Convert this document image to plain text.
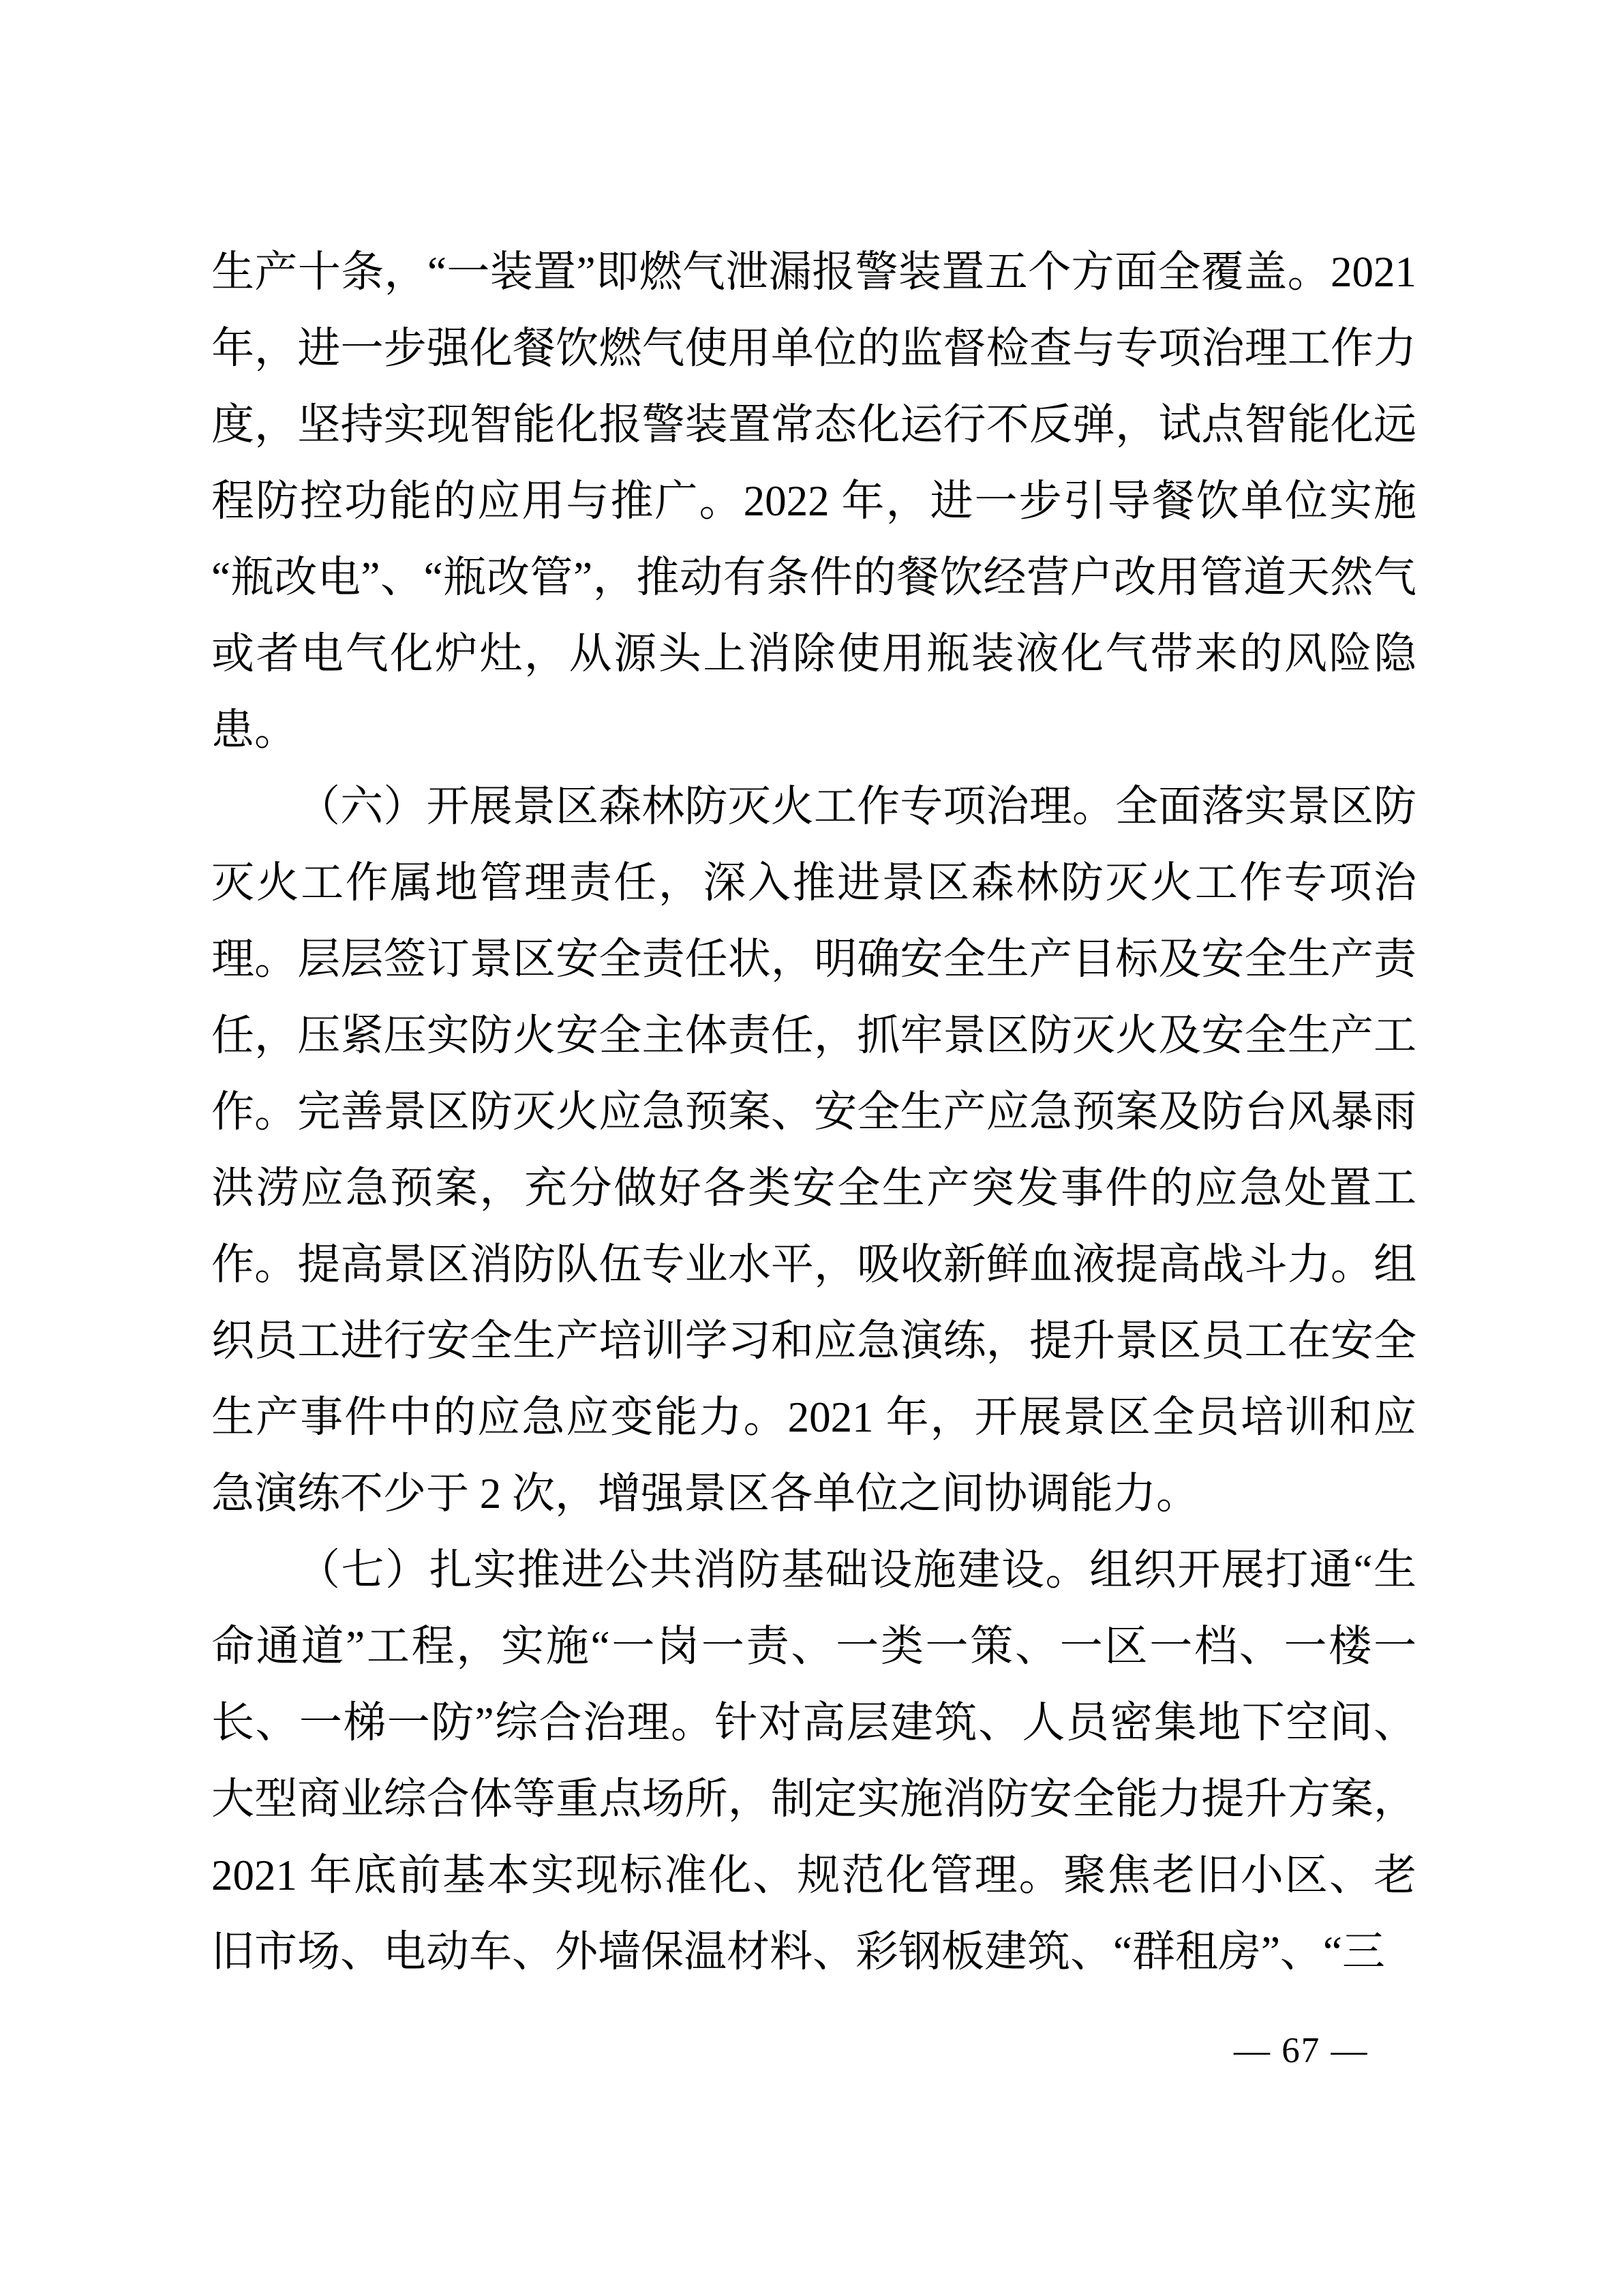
生产十条，“一装置”即燃气泄漏报警装置五个方面全覆盖。2021 年，进一步强化餐饮燃气使用单位的监督检查与专项治理工作力度，坚持实现智能化报警装置常态化运行不反弹，试点智能化远程防控功能的应用与推广。2022 年，进一步引导餐饮单位实施“瓶改电”、“瓶改管”，推动有条件的餐饮经营户改用管道天然气或者电气化炉灶，从源头上消除使用瓶装液化气带来的风险隐患。

（六）开展景区森林防灭火工作专项治理。全面落实景区防灭火工作属地管理责任，深入推进景区森林防灭火工作专项治理。层层签订景区安全责任状，明确安全生产目标及安全生产责任，压紧压实防火安全主体责任，抓牢景区防灭火及安全生产工作。完善景区防灭火应急预案、安全生产应急预案及防台风暴雨洪涝应急预案，充分做好各类安全生产突发事件的应急处置工作。提高景区消防队伍专业水平，吸收新鲜血液提高战斗力。组织员工进行安全生产培训学习和应急演练，提升景区员工在安全生产事件中的应急应变能力。2021 年，开展景区全员培训和应急演练不少于 2 次，增强景区各单位之间协调能力。

（七）扎实推进公共消防基础设施建设。组织开展打通“生命通道”工程，实施“一岗一责、一类一策、一区一档、一楼一长、一梯一防”综合治理。针对高层建筑、人员密集地下空间、大型商业综合体等重点场所，制定实施消防安全能力提升方案，2021 年底前基本实现标准化、规范化管理。聚焦老旧小区、老旧市场、电动车、外墙保温材料、彩钢板建筑、“群租房”、“三

— 67 —
